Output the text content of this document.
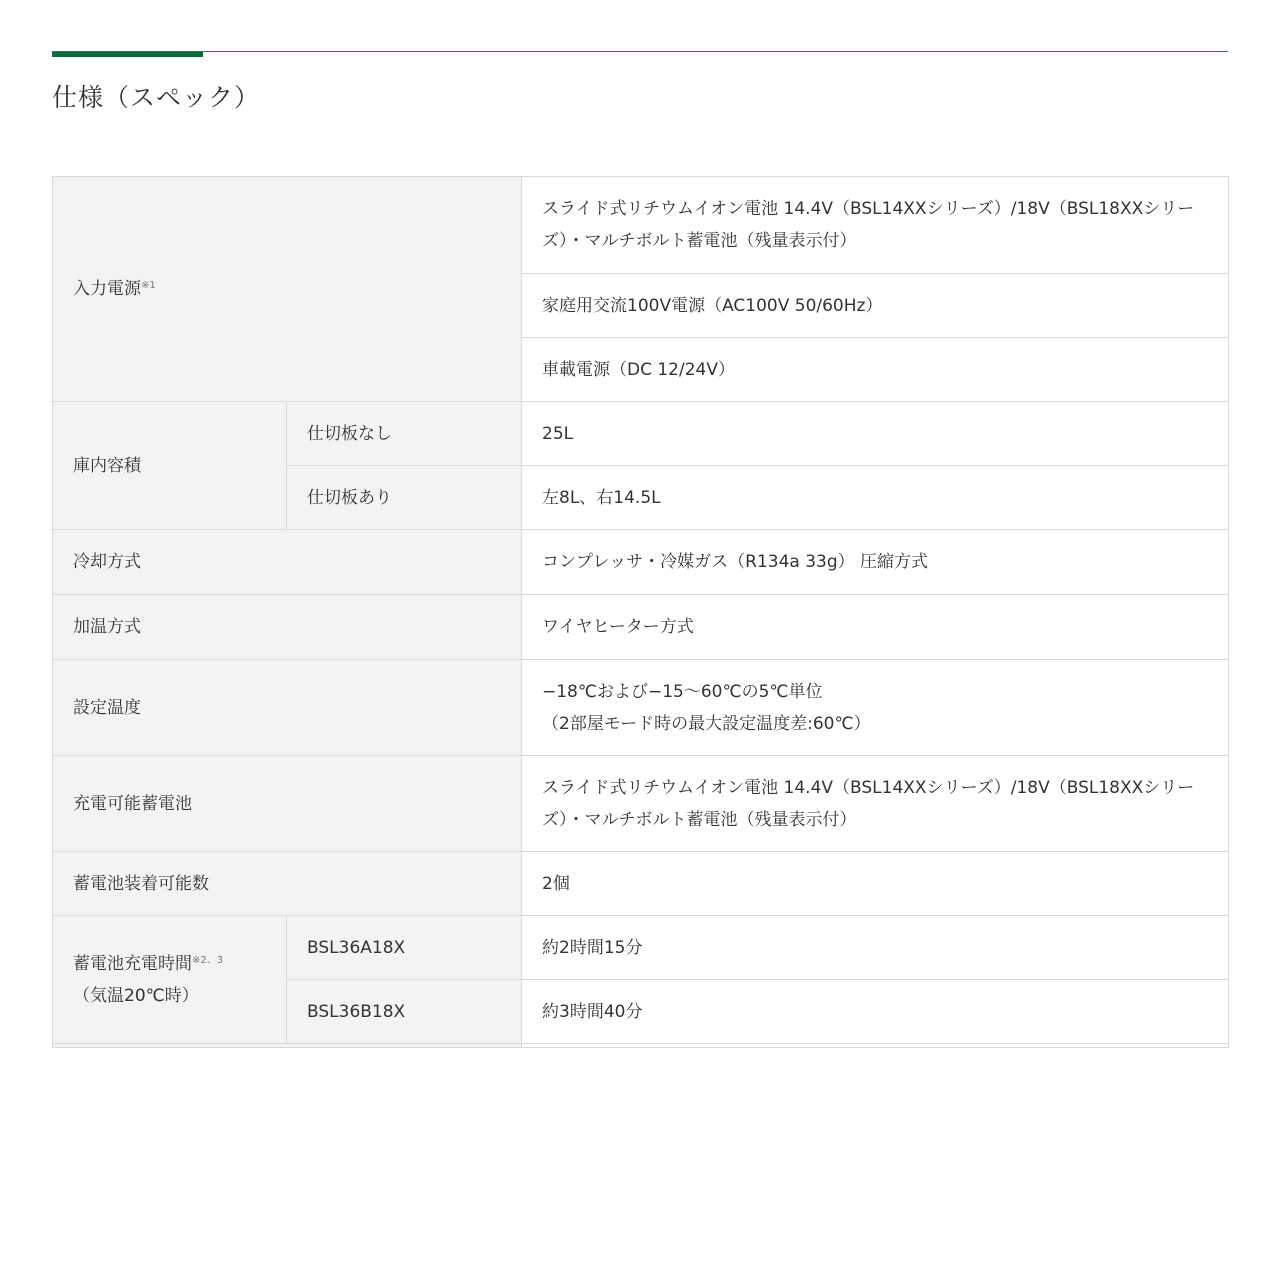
仕様（スペック）
入力電源$^{※1}$		スライド式リチウムイオン電池 14.4V（BSL14XXシリーズ）/18V（BSL18XXシリーズ）・マルチボルト蓄電池（残量表示付）
		家庭用交流100V電源（AC100V 50/60Hz）
		車載電源（DC 12/24V）
庫内容積	仕切板なし	25L
	仕切板あり	左8L、右14.5L
冷却方式		コンプレッサ・冷媒ガス（R134a 33g） 圧縮方式
加温方式		ワイヤヒーター方式
設定温度		−18℃および−15～60℃の5℃単位
（2部屋モード時の最大設定温度差:60℃）

充電可能蓄電池		スライド式リチウムイオン電池 14.4V（BSL14XXシリーズ）/18V（BSL18XXシリーズ）・マルチボルト蓄電池（残量表示付）
蓄電池装着可能数		2個

蓄電池充電時間$^{※2、3}$
（気温20℃時）	BSL36A18X	約2時間15分
	BSL36B18X	約3時間40分
